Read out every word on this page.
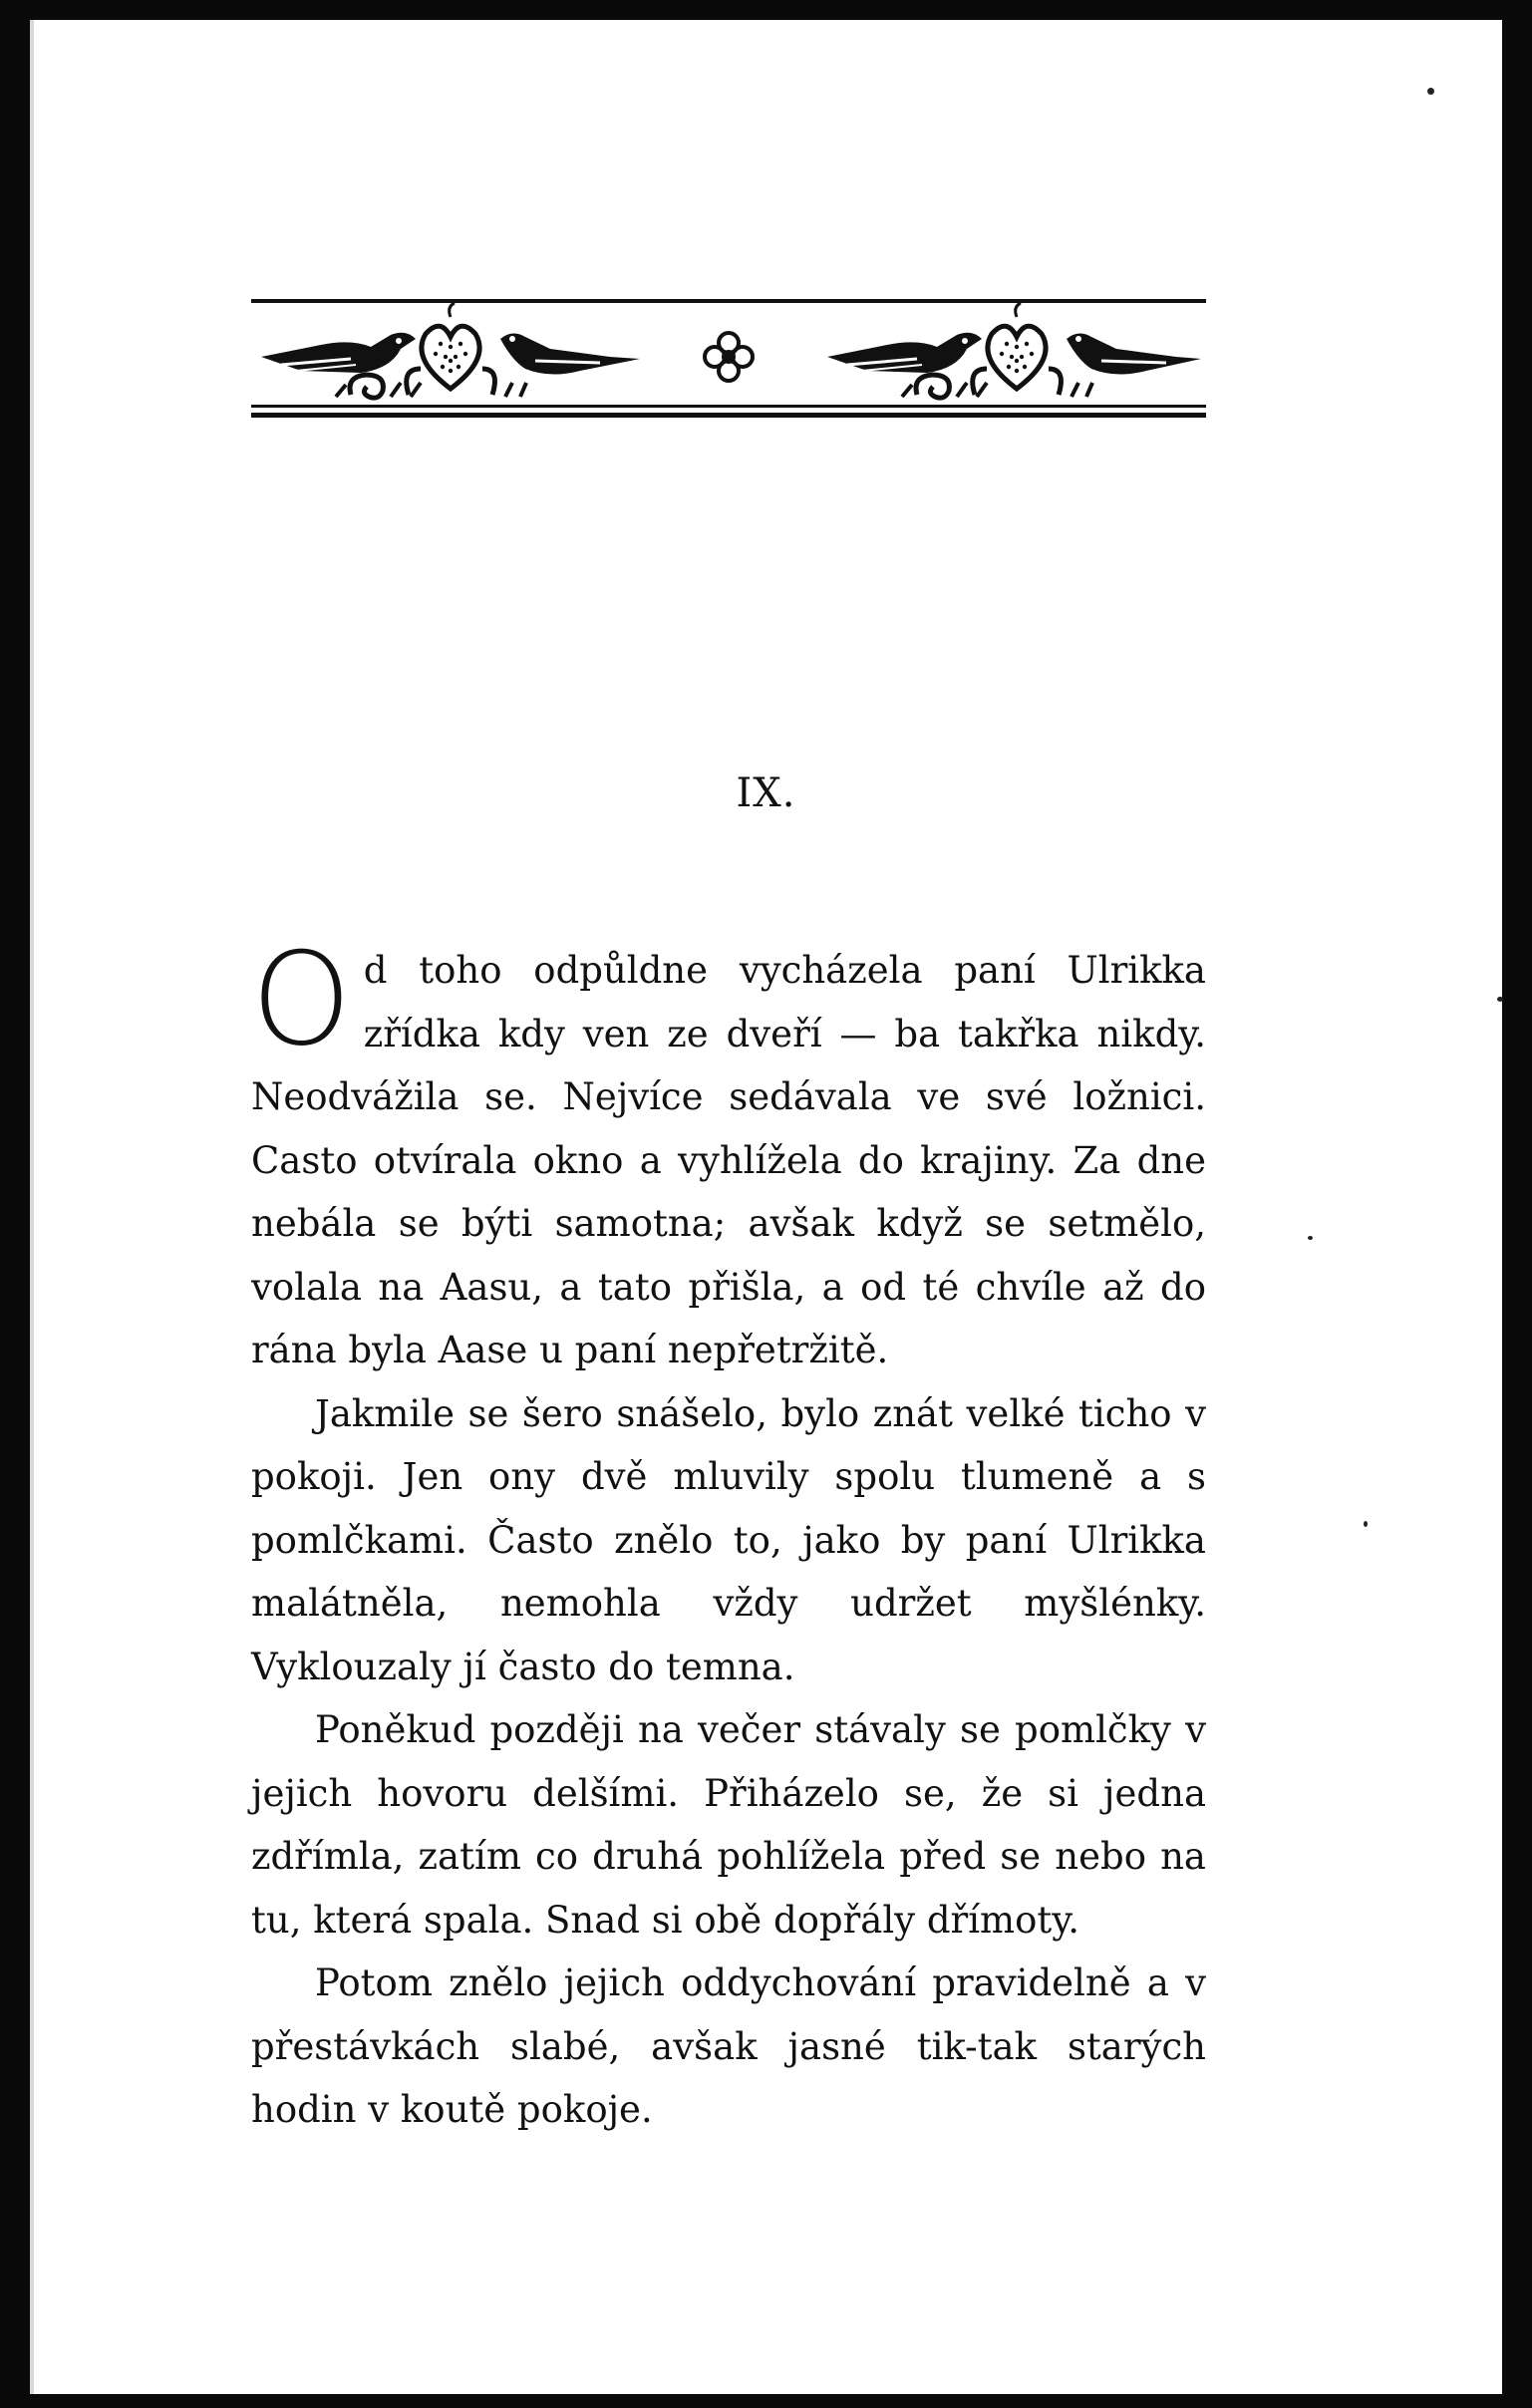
IX.

Od toho odpůldne vycházela paní Ulrikka zřídka kdy ven ze dveří — ba takřka nikdy. Neodvážila se. Nejvíce sedávala ve své ložnici. Casto otvírala okno a vyhlížela do krajiny. Za dne nebála se býti samotna; avšak když se setmělo, volala na Aasu, a tato přišla, a od té chvíle až do rána byla Aase u paní nepřetržitě.

Jakmile se šero snášelo, bylo znát velké ticho v pokoji. Jen ony dvě mluvily spolu tlumeně a s pomlčkami. Často znělo to, jako by paní Ulrikka malátněla, nemohla vždy udržet myšlénky. Vyklouzaly jí často do temna.

Poněkud později na večer stávaly se pomlčky v jejich hovoru delšími. Přiházelo se, že si jedna zdřímla, zatím co druhá pohlížela před se nebo na tu, která spala. Snad si obě dopřály dřímoty.

Potom znělo jejich oddychování pravidelně a v přestávkách slabé, avšak jasné tik-tak starých hodin v koutě pokoje.
